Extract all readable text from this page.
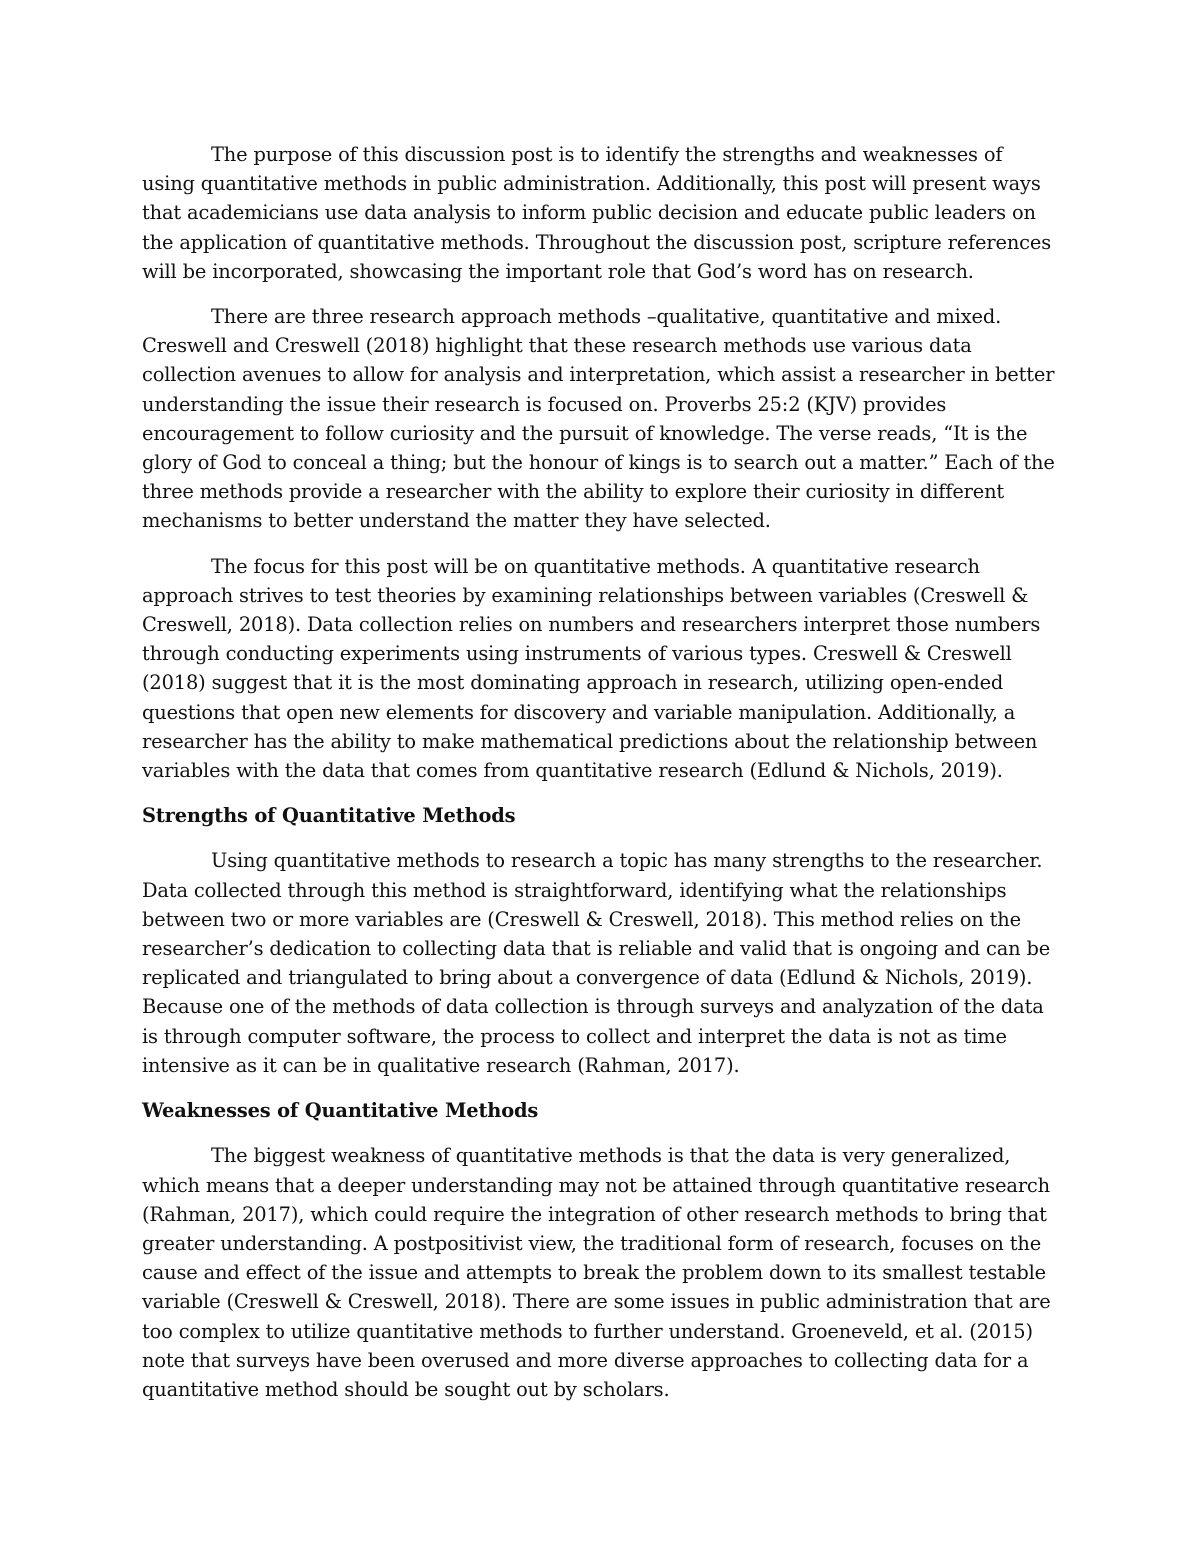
The purpose of this discussion post is to identify the strengths and weaknesses of using quantitative methods in public administration. Additionally, this post will present ways that academicians use data analysis to inform public decision and educate public leaders on the application of quantitative methods. Throughout the discussion post, scripture references will be incorporated, showcasing the important role that God’s word has on research.

There are three research approach methods –qualitative, quantitative and mixed. Creswell and Creswell (2018) highlight that these research methods use various data collection avenues to allow for analysis and interpretation, which assist a researcher in better understanding the issue their research is focused on. Proverbs 25:2 (KJV) provides encouragement to follow curiosity and the pursuit of knowledge. The verse reads, “It is the glory of God to conceal a thing; but the honour of kings is to search out a matter.” Each of the three methods provide a researcher with the ability to explore their curiosity in different mechanisms to better understand the matter they have selected.

The focus for this post will be on quantitative methods. A quantitative research approach strives to test theories by examining relationships between variables (Creswell & Creswell, 2018). Data collection relies on numbers and researchers interpret those numbers through conducting experiments using instruments of various types. Creswell & Creswell (2018) suggest that it is the most dominating approach in research, utilizing open-ended questions that open new elements for discovery and variable manipulation. Additionally, a researcher has the ability to make mathematical predictions about the relationship between variables with the data that comes from quantitative research (Edlund & Nichols, 2019).

Strengths of Quantitative Methods

Using quantitative methods to research a topic has many strengths to the researcher. Data collected through this method is straightforward, identifying what the relationships between two or more variables are (Creswell & Creswell, 2018). This method relies on the researcher’s dedication to collecting data that is reliable and valid that is ongoing and can be replicated and triangulated to bring about a convergence of data (Edlund & Nichols, 2019). Because one of the methods of data collection is through surveys and analyzation of the data is through computer software, the process to collect and interpret the data is not as time intensive as it can be in qualitative research (Rahman, 2017).

Weaknesses of Quantitative Methods

The biggest weakness of quantitative methods is that the data is very generalized, which means that a deeper understanding may not be attained through quantitative research (Rahman, 2017), which could require the integration of other research methods to bring that greater understanding. A postpositivist view, the traditional form of research, focuses on the cause and effect of the issue and attempts to break the problem down to its smallest testable variable (Creswell & Creswell, 2018). There are some issues in public administration that are too complex to utilize quantitative methods to further understand. Groeneveld, et al. (2015) note that surveys have been overused and more diverse approaches to collecting data for a quantitative method should be sought out by scholars.
